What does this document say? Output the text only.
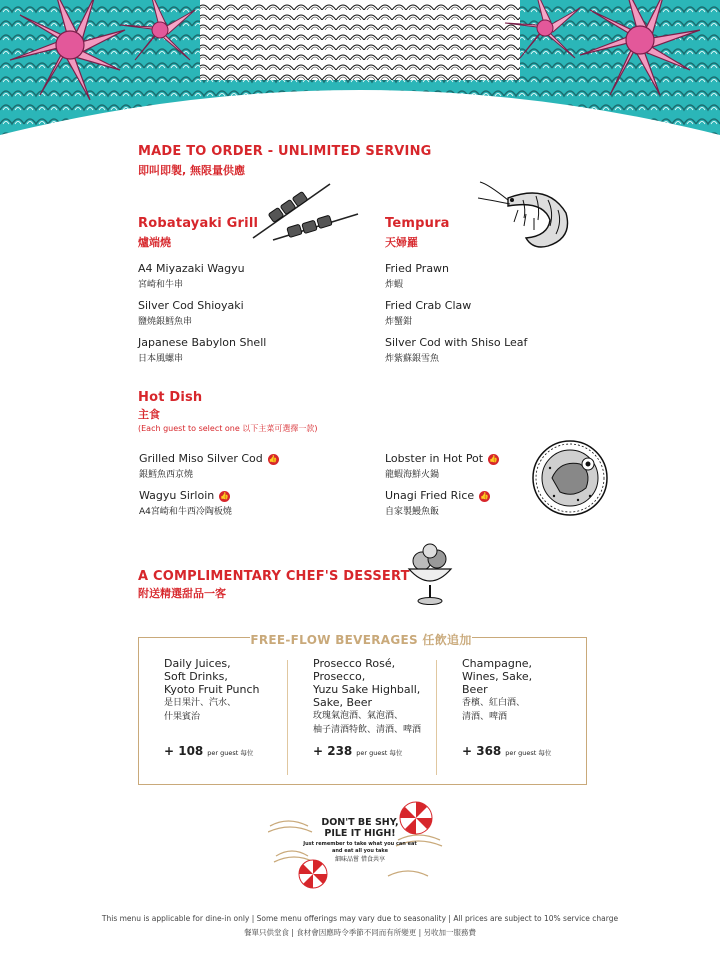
MADE TO ORDER - UNLIMITED SERVING
即叫即製, 無限量供應
Robatayaki Grill
爐端燒
A4 Miyazaki Wagyu
宮崎和牛串
Silver Cod Shioyaki
鹽燒銀鱈魚串
Japanese Babylon Shell
日本風螺串
Tempura
天婦羅
Fried Prawn
炸蝦
Fried Crab Claw
炸蟹鉗
Silver Cod with Shiso Leaf
炸紫蘇銀雪魚
Hot Dish
主食
(Each guest to select one 以下主菜可選擇一款)
Grilled Miso Silver Cod 👍
銀鱈魚西京燒
Wagyu Sirloin 👍
A4宮崎和牛西冷陶板燒
Lobster in Hot Pot 👍
龍蝦海鮮火鍋
Unagi Fried Rice 👍
自家製鰻魚飯
A COMPLIMENTARY CHEF'S DESSERT
附送精選甜品一客
FREE-FLOW BEVERAGES 任飲追加
Daily Juices,
Soft Drinks,
Kyoto Fruit Punch
是日果汁、汽水、
什果賓治
+ 108 per guest 每位
Prosecco Rosé,
Prosecco,
Yuzu Sake Highball,
Sake, Beer
玫瑰氣泡酒、氣泡酒、
柚子清酒特飲、清酒、啤酒
+ 238 per guest 每位
Champagne,
Wines, Sake,
Beer
香檳、紅白酒、
清酒、啤酒
+ 368 per guest 每位
DON'T BE SHY,
PILE IT HIGH!
Just remember to take what you can eat
and eat all you take
細味品嘗 惜食共享
This menu is applicable for dine-in only | Some menu offerings may vary due to seasonality | All prices are subject to 10% service charge
餐單只供堂食 | 食材會因應時令季節不同而有所變更 | 另收加一服務費
